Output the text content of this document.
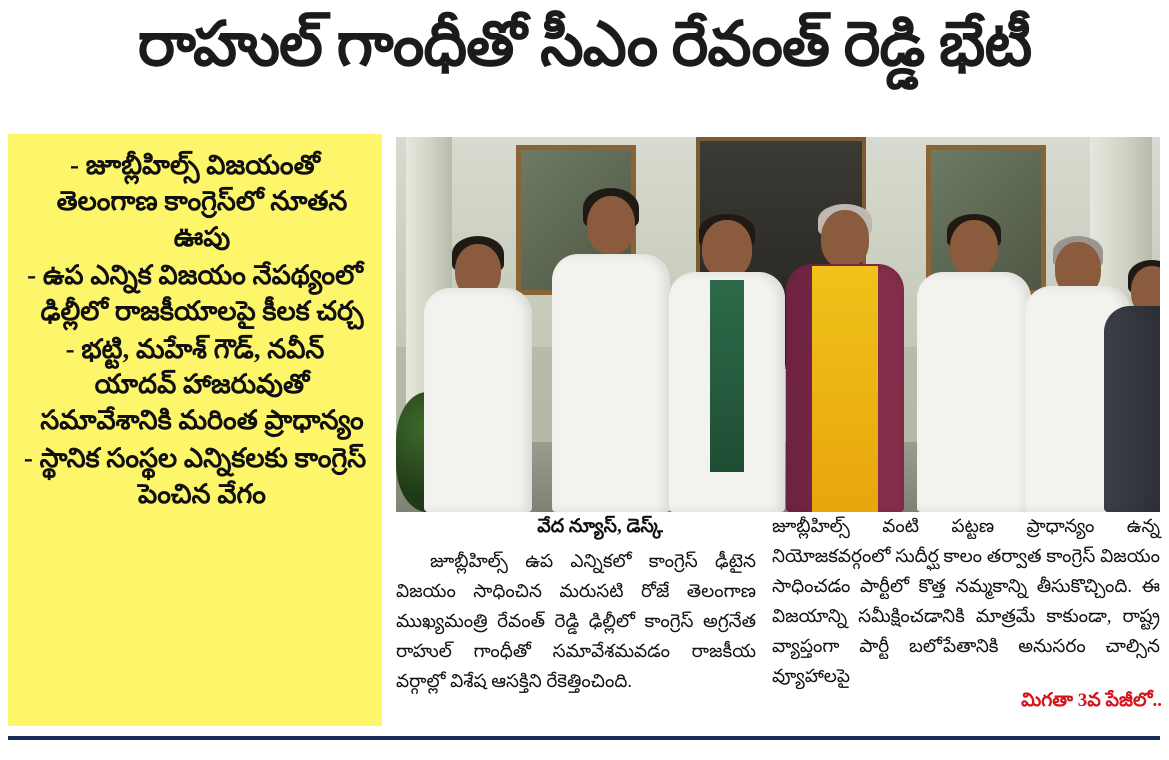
రాహుల్ గాంధీతో సీఎం రేవంత్ రెడ్డి భేటీ
- జూబ్లీహిల్స్ విజయంతో తెలంగాణ కాంగ్రెస్‌లో నూతన ఊపు
- ఉప ఎన్నిక విజయం నేపథ్యంలో ఢిల్లీలో రాజకీయాలపై కీలక చర్చ
- భట్టి, మహేశ్ గౌడ్, నవీన్ యాదవ్ హాజరువుతో సమావేశానికి మరింత ప్రాధాన్యం
- స్థానిక సంస్థల ఎన్నికలకు కాంగ్రెస్ పెంచిన వేగం
వేద న్యూస్, డెస్క్
జూబ్లీహిల్స్ ఉప ఎన్నికలో కాంగ్రెస్ ఢీటైన విజయం సాధించిన మరుసటి రోజే తెలంగాణ ముఖ్యమంత్రి రేవంత్ రెడ్డి ఢిల్లీలో కాంగ్రెస్ అగ్రనేత రాహుల్ గాంధీతో సమావేశమవడం రాజకీయ వర్గాల్లో విశేష ఆసక్తిని రేకెత్తించింది.
జూబ్లీహిల్స్ వంటి పట్టణ ప్రాధాన్యం ఉన్న నియోజకవర్గంలో సుదీర్ఘ కాలం తర్వాత కాంగ్రెస్ విజయం సాధించడం పార్టీలో కొత్త నమ్మకాన్ని తీసుకొచ్చింది. ఈ విజయాన్ని సమీక్షించడానికి మాత్రమే కాకుండా, రాష్ట్ర వ్యాప్తంగా పార్టీ బలోపేతానికి అనుసరం చాల్సిన వ్యూహాలపై
మిగతా 3వ పేజీలో..
